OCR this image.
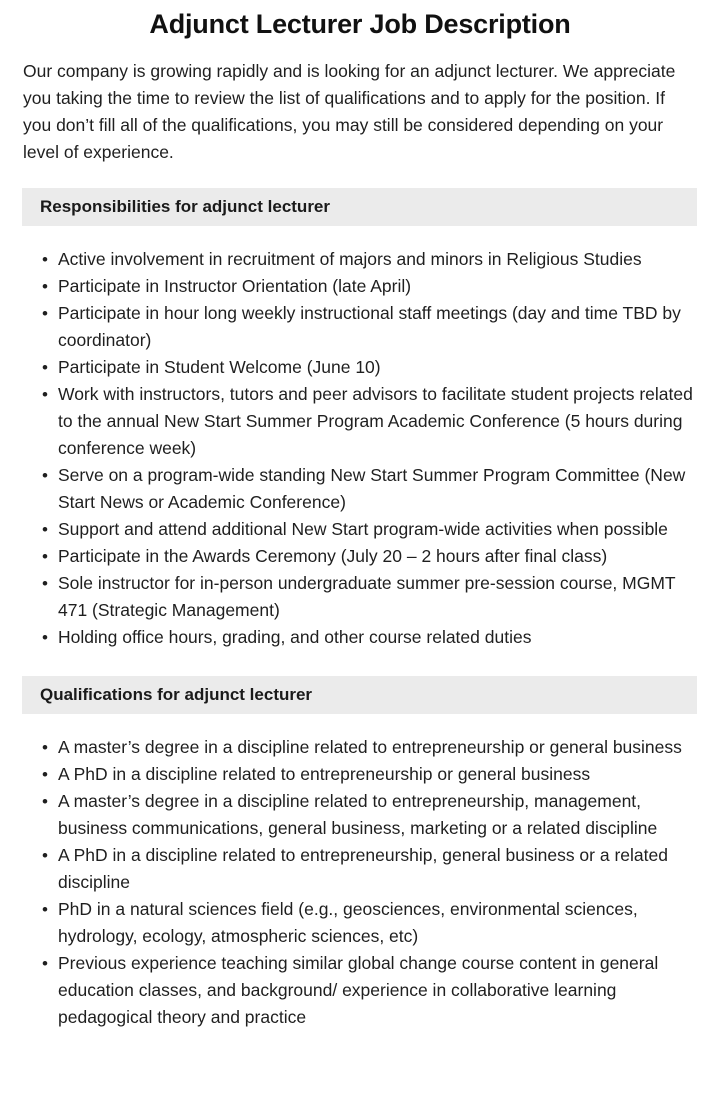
Adjunct Lecturer Job Description

Our company is growing rapidly and is looking for an adjunct lecturer. We appreciate you taking the time to review the list of qualifications and to apply for the position. If you don’t fill all of the qualifications, you may still be considered depending on your level of experience.

Responsibilities for adjunct lecturer
• Active involvement in recruitment of majors and minors in Religious Studies
• Participate in Instructor Orientation (late April)
• Participate in hour long weekly instructional staff meetings (day and time TBD by coordinator)
• Participate in Student Welcome (June 10)
• Work with instructors, tutors and peer advisors to facilitate student projects related to the annual New Start Summer Program Academic Conference (5 hours during conference week)
• Serve on a program-wide standing New Start Summer Program Committee (New Start News or Academic Conference)
• Support and attend additional New Start program-wide activities when possible
• Participate in the Awards Ceremony (July 20 – 2 hours after final class)
• Sole instructor for in-person undergraduate summer pre-session course, MGMT 471 (Strategic Management)
• Holding office hours, grading, and other course related duties
Qualifications for adjunct lecturer
• A master’s degree in a discipline related to entrepreneurship or general business
• A PhD in a discipline related to entrepreneurship or general business
• A master’s degree in a discipline related to entrepreneurship, management, business communications, general business, marketing or a related discipline
• A PhD in a discipline related to entrepreneurship, general business or a related discipline
• PhD in a natural sciences field (e.g., geosciences, environmental sciences, hydrology, ecology, atmospheric sciences, etc)
• Previous experience teaching similar global change course content in general education classes, and background/ experience in collaborative learning pedagogical theory and practice
